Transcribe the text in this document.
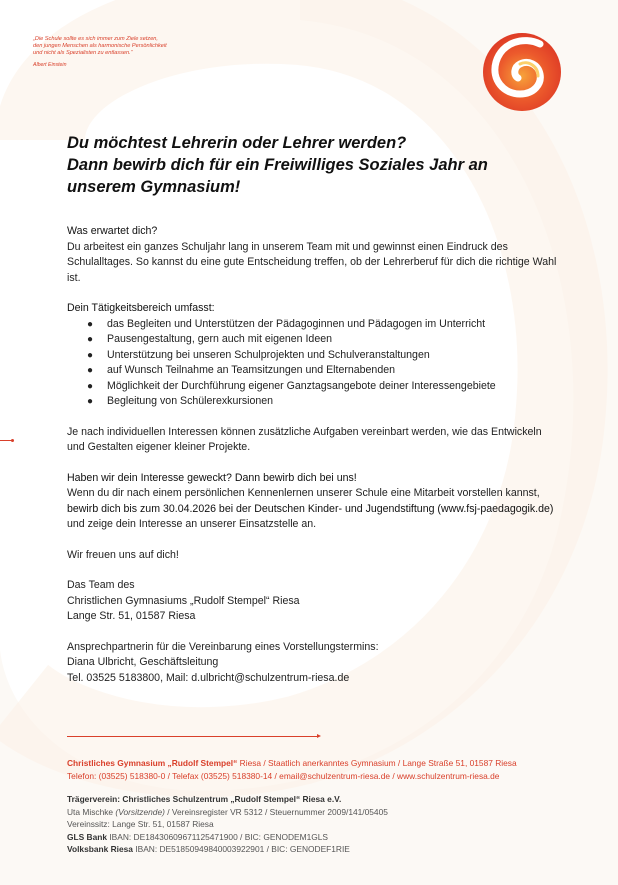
„Die Schule sollte es sich immer zum Ziele setzen,
den jungen Menschen als harmonische Persönlichkeit
und nicht als Spezialisten zu entlassen.“
Albert Einstein
Du möchtest Lehrerin oder Lehrer werden?
Dann bewirb dich für ein Freiwilliges Soziales Jahr an
unserem Gymnasium!

Was erwartet dich?

Du arbeitest ein ganzes Schuljahr lang in unserem Team mit und gewinnst einen Eindruck des Schulalltages. So kannst du eine gute Entscheidung treffen, ob der Lehrerberuf für dich die richtige Wahl ist.

Dein Tätigkeitsbereich umfasst:

● das Begleiten und Unterstützen der Pädagoginnen und Pädagogen im Unterricht
● Pausengestaltung, gern auch mit eigenen Ideen
● Unterstützung bei unseren Schulprojekten und Schulveranstaltungen
● auf Wunsch Teilnahme an Teamsitzungen und Elternabenden
● Möglichkeit der Durchführung eigener Ganztagsangebote deiner Interessengebiete
● Begleitung von Schülerexkursionen

Je nach individuellen Interessen können zusätzliche Aufgaben vereinbart werden, wie das Entwickeln und Gestalten eigener kleiner Projekte.

Haben wir dein Interesse geweckt? Dann bewirb dich bei uns!

Wenn du dir nach einem persönlichen Kennenlernen unserer Schule eine Mitarbeit vorstellen kannst, bewirb dich bis zum 30.04.2026 bei der Deutschen Kinder- und Jugendstiftung (www.fsj-paedagogik.de) und zeige dein Interesse an unserer Einsatzstelle an.

Wir freuen uns auf dich!

Das Team des

Christlichen Gymnasiums „Rudolf Stempel“ Riesa

Lange Str. 51, 01587 Riesa

Ansprechpartnerin für die Vereinbarung eines Vorstellungstermins:

Diana Ulbricht, Geschäftsleitung

Tel. 03525 5183800, Mail: d.ulbricht@schulzentrum-riesa.de

Christliches Gymnasium „Rudolf Stempel“ Riesa / Staatlich anerkanntes Gymnasium / Lange Straße 51, 01587 Riesa
Telefon: (03525) 518380-0 / Telefax (03525) 518380-14 / email@schulzentrum-riesa.de / www.schulzentrum-riesa.de
Trägerverein: Christliches Schulzentrum „Rudolf Stempel“ Riesa e.V.
Uta Mischke (Vorsitzende) / Vereinsregister VR 5312 / Steuernummer 2009/141/05405
Vereinssitz: Lange Str. 51, 01587 Riesa
GLS Bank IBAN: DE18430609671125471900 / BIC: GENODEM1GLS
Volksbank Riesa IBAN: DE51850949840003922901 / BIC: GENODEF1RIE
